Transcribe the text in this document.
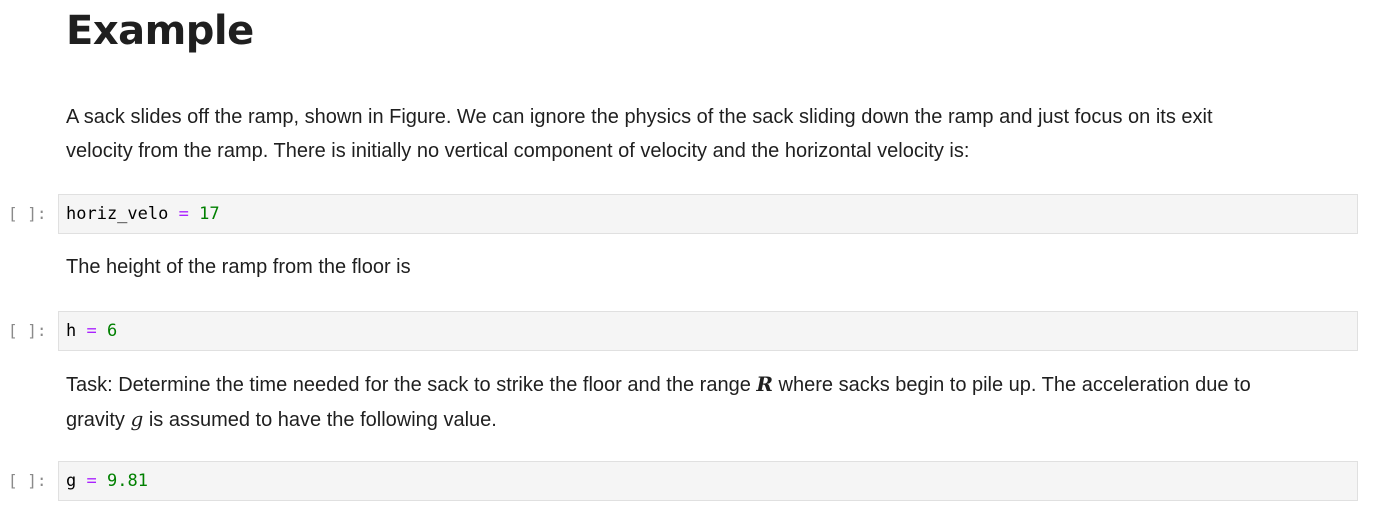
Example
A sack slides off the ramp, shown in Figure. We can ignore the physics of the sack sliding down the ramp and just focus on its exit
velocity from the ramp. There is initially no vertical component of velocity and the horizontal velocity is:
[ ]:	horiz_velo = 17
The height of the ramp from the floor is
[ ]:	h = 6
Task: Determine the time needed for the sack to strike the floor and the range R where sacks begin to pile up. The acceleration due to
gravity g is assumed to have the following value.
[ ]:	g = 9.81
